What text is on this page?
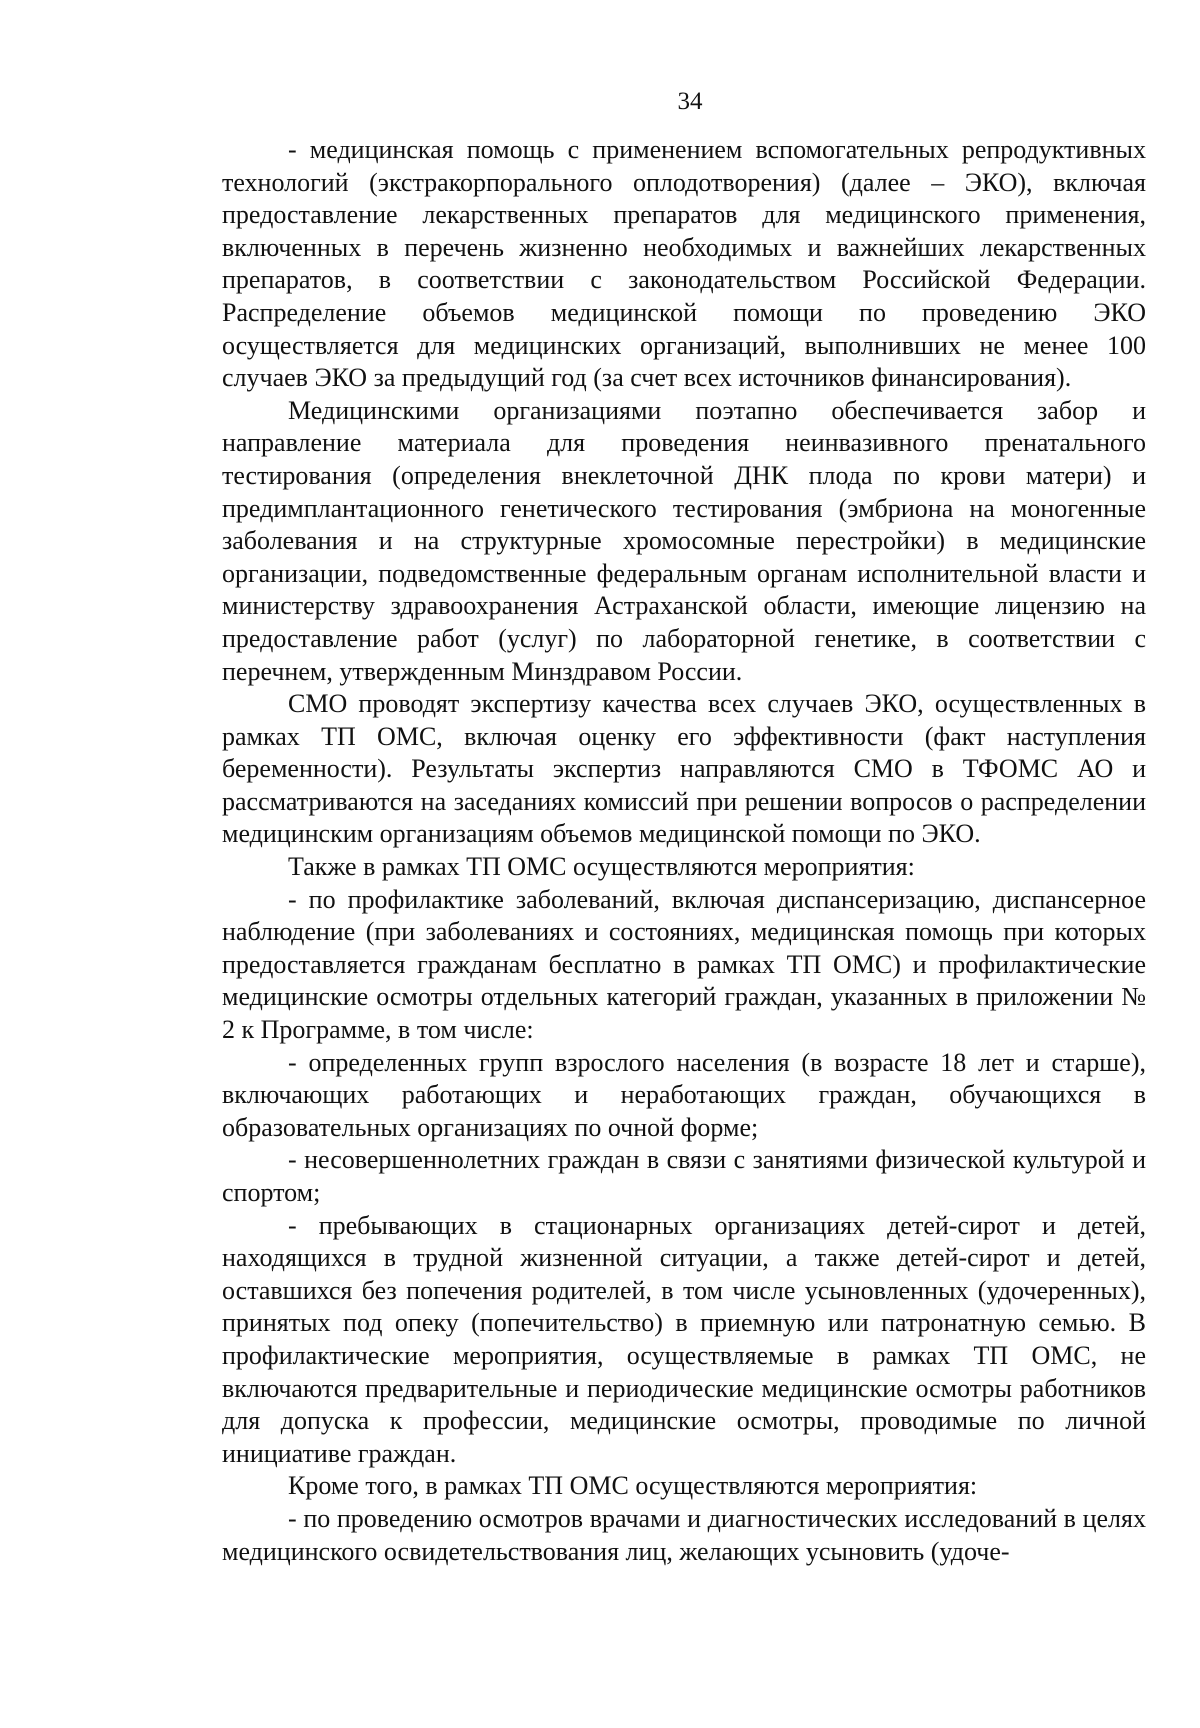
34

- медицинская помощь с применением вспомогательных репродуктивных технологий (экстракорпорального оплодотворения) (далее – ЭКО), включая предоставление лекарственных препаратов для медицинского применения, включенных в перечень жизненно необходимых и важнейших лекарственных препаратов, в соответствии с законодательством Российской Федерации. Распределение объемов медицинской помощи по проведению ЭКО осуществляется для медицинских организаций, выполнивших не менее 100 случаев ЭКО за предыдущий год (за счет всех источников финансирования).

Медицинскими организациями поэтапно обеспечивается забор и направление материала для проведения неинвазивного пренатального тестирования (определения внеклеточной ДНК плода по крови матери) и предимплантационного генетического тестирования (эмбриона на моногенные заболевания и на структурные хромосомные перестройки) в медицинские организации, подведомственные федеральным органам исполнительной власти и министерству здравоохранения Астраханской области, имеющие лицензию на предоставление работ (услуг) по лабораторной генетике, в соответствии с перечнем, утвержденным Минздравом России.

СМО проводят экспертизу качества всех случаев ЭКО, осуществленных в рамках ТП ОМС, включая оценку его эффективности (факт наступления беременности). Результаты экспертиз направляются СМО в ТФОМС АО и рассматриваются на заседаниях комиссий при решении вопросов о распределении медицинским организациям объемов медицинской помощи по ЭКО.

Также в рамках ТП ОМС осуществляются мероприятия:

- по профилактике заболеваний, включая диспансеризацию, диспансерное наблюдение (при заболеваниях и состояниях, медицинская помощь при которых предоставляется гражданам бесплатно в рамках ТП ОМС) и профилактические медицинские осмотры отдельных категорий граждан, указанных в приложении № 2 к Программе, в том числе:

- определенных групп взрослого населения (в возрасте 18 лет и старше), включающих работающих и неработающих граждан, обучающихся в образовательных организациях по очной форме;

- несовершеннолетних граждан в связи с занятиями физической культурой и спортом;

- пребывающих в стационарных организациях детей-сирот и детей, находящихся в трудной жизненной ситуации, а также детей-сирот и детей, оставшихся без попечения родителей, в том числе усыновленных (удочеренных), принятых под опеку (попечительство) в приемную или патронатную семью. В профилактические мероприятия, осуществляемые в рамках ТП ОМС, не включаются предварительные и периодические медицинские осмотры работников для допуска к профессии, медицинские осмотры, проводимые по личной инициативе граждан.

Кроме того, в рамках ТП ОМС осуществляются мероприятия:

- по проведению осмотров врачами и диагностических исследований в целях медицинского освидетельствования лиц, желающих усыновить (удоче-
